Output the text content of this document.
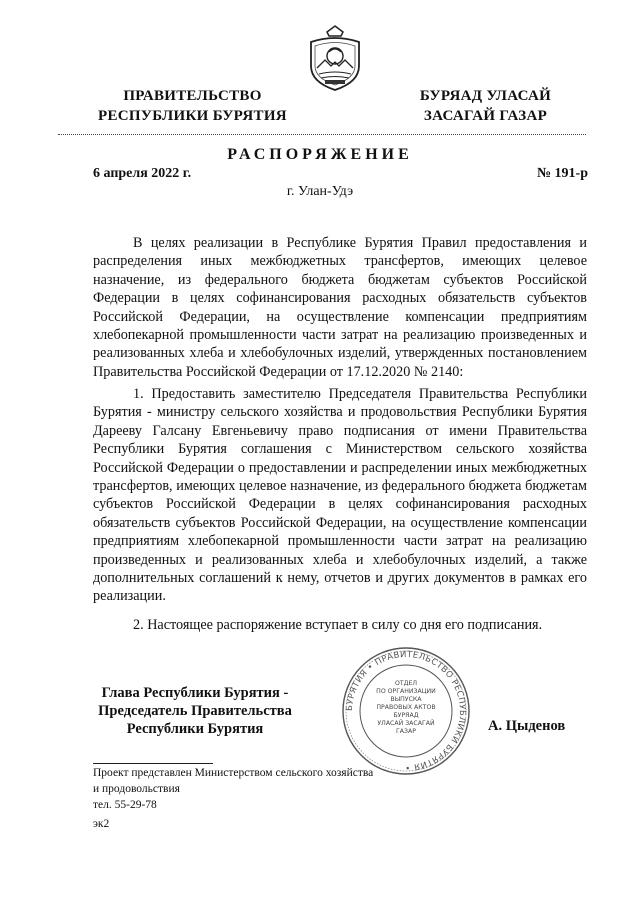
ПРАВИТЕЛЬСТВО
РЕСПУБЛИКИ БУРЯТИЯ
БУРЯАД УЛАСАЙ
ЗАСАГАЙ ГАЗАР
РАСПОРЯЖЕНИЕ
6 апреля 2022 г.	№ 191-р
г. Улан-Удэ

В целях реализации в Республике Бурятия Правил предоставления и распределения иных межбюджетных трансфертов, имеющих целевое назначение, из федерального бюджета бюджетам субъектов Российской Федерации в целях софинансирования расходных обязательств субъектов Российской Федерации, на осуществление компенсации предприятиям хлебопекарной промышленности части затрат на реализацию произведенных и реализованных хлеба и хлебобулочных изделий, утвержденных постановлением Правительства Российской Федерации от 17.12.2020 № 2140:

1. Предоставить заместителю Председателя Правительства Республики Бурятия - министру сельского хозяйства и продовольствия Республики Бурятия Дарееву Галсану Евгеньевичу право подписания от имени Правительства Республики Бурятия соглашения с Министерством сельского хозяйства Российской Федерации о предоставлении и распределении иных межбюджетных трансфертов, имеющих целевое назначение, из федерального бюджета бюджетам субъектов Российской Федерации в целях софинансирования расходных обязательств субъектов Российской Федерации, на осуществление компенсации предприятиям хлебопекарной промышленности части затрат на реализацию произведенных и реализованных хлеба и хлебобулочных изделий, а также дополнительных соглашений к нему, отчетов и других документов в рамках его реализации.

2. Настоящее распоряжение вступает в силу со дня его подписания.

БУРЯТИЯ • ПРАВИТЕЛЬСТВО РЕСПУБЛИКИ БУРЯТИЯ •
ОТДЕЛ
ПО ОРГАНИЗАЦИИ
ВЫПУСКА
ПРАВОВЫХ АКТОВ
БУРЯАД
УЛАСАЙ ЗАСАГАЙ
ГАЗАР
Глава Республики Бурятия -
Председатель Правительства
Республики Бурятия	А. Цыденов
Проект представлен Министерством сельского хозяйства
и продовольствия
тел. 55-29-78
эк2
